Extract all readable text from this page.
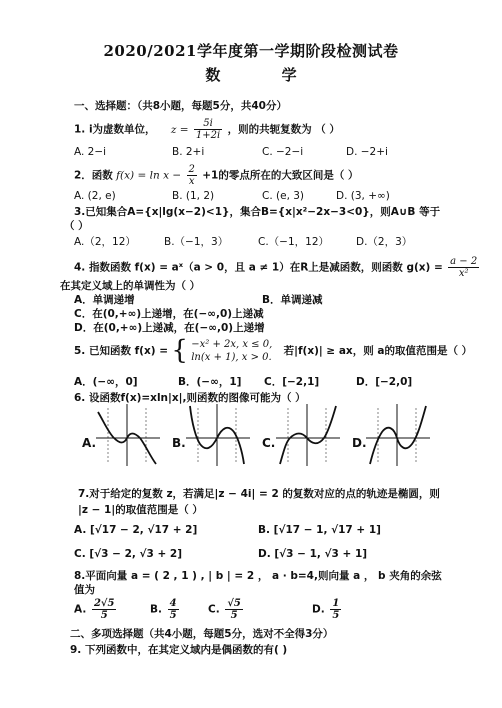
2020/2021学年度第一学期阶段检测试卷
数 学
一、选择题：（共8小题，每题5分，共40分）
1. i为虚数单位， $z = \frac{5i}{1+2i}$ ，则的共轭复数为 （ ）
A. 2−i	B. 2+i	C. −2−i	D. −2+i
2．函数 $f(x) = \ln x - \frac{2}{x} +1$的零点所在的大致区间是（ ）
A. (2, e)	B. (1, 2)	C. (e, 3)	D. (3, +∞)
3.已知集合A={x|lg(x−2)<1}，集合B={x|x²−2x−3<0}，则A∪B 等于
（ ）
A.（2，12）	B.（−1，3）	C.（−1，12）	D.（2，3）
4. 指数函数 f(x) = aˣ（a > 0，且 a ≠ 1）在R上是减函数，则函数 $g(x) = \frac{a - 2}{\text{x²}}$
在其定义域上的单调性为（ ）
A．单调递增	B．单调递减
C．在(0,+∞)上递增，在(−∞,0)上递减
D．在(0,+∞)上递减，在(−∞,0)上递增
5. 已知函数 f(x) = { −x² + 2x, x ≤ 0,
ln(x + 1), x > 0.
若|f(x)| ≥ ax，则 a的取值范围是（ ）
A．(−∞，0]	B．(−∞，1] C．[−2,1]	D．[−2,0]
6. 设函数f(x)=xln|x|,则函数的图像可能为（ ）
A.	B.	C.	D.
7.对于给定的复数 z，若满足|z − 4i| = 2 的复数对应的点的轨迹是椭圆，则
|z − 1|的取值范围是（ ）
A. [√17 − 2, √17 + 2]	B. [√17 − 1, √17 + 1]
C. [√3 − 2, √3 + 2]	D. [√3 − 1, √3 + 1]
8.平面向量 a = ( 2 , 1 ) , | b | = 2 ， a · b=4,则向量 a ， b 夹角的余弦
值为
A. $\frac{2√5}{5}$	B. $\frac{4}{5}$	C. $\frac{√5}{5}$	D. $\frac{1}{5}$
二、多项选择题（共4小题，每题5分，选对不全得3分）
9. 下列函数中，在其定义域内是偶函数的有( )
